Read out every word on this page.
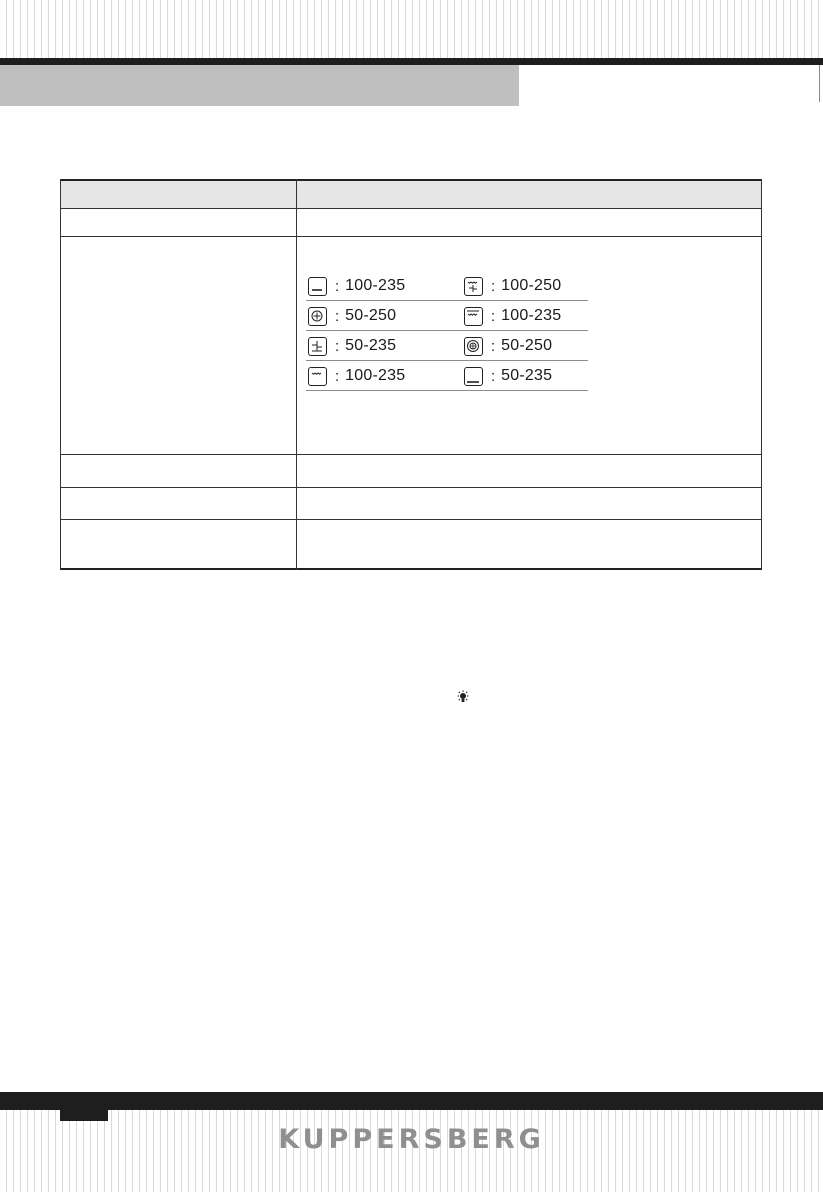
: 100-235	: 100-250
: 50-250	: 100-235
: 50-235	: 50-250
: 100-235	: 50-235
KUPPERSBERG
